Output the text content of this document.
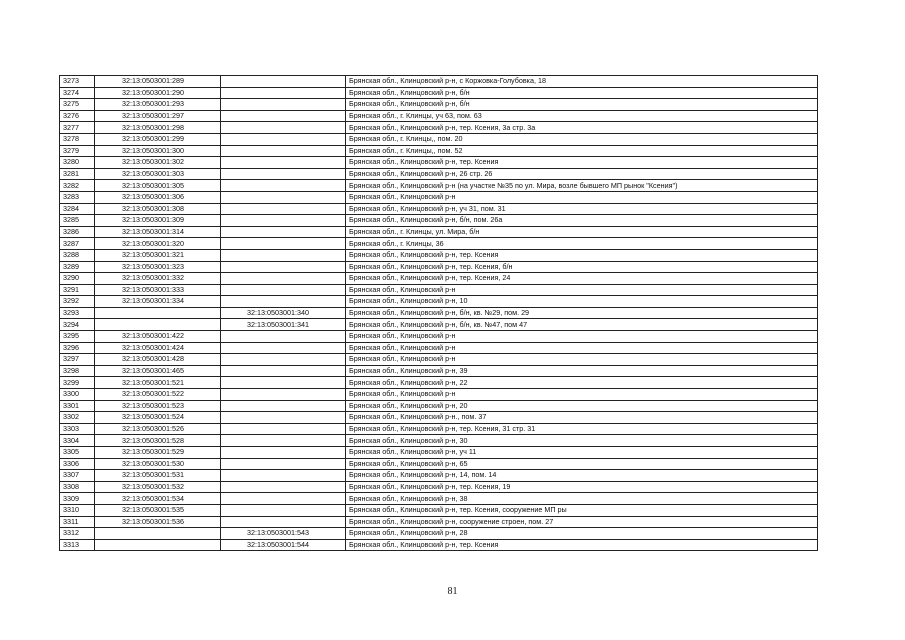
3273	32:13:0503001:289		Брянская обл., Клинцовский р-н, с Коржовка-Голубовка, 18
3274	32:13:0503001:290		Брянская обл., Клинцовский р-н, б/н
3275	32:13:0503001:293		Брянская обл., Клинцовский р-н, б/н
3276	32:13:0503001:297		Брянская обл., г. Клинцы, уч 63, пом. 63
3277	32:13:0503001:298		Брянская обл., Клинцовский р-н, тер. Ксения, 3а стр. 3а
3278	32:13:0503001:299		Брянская обл., г. Клинцы,, пом. 20
3279	32:13:0503001:300		Брянская обл., г. Клинцы,, пом. 52
3280	32:13:0503001:302		Брянская обл., Клинцовский р-н, тер. Ксения
3281	32:13:0503001:303		Брянская обл., Клинцовский р-н, 26 стр. 26
3282	32:13:0503001:305		Брянская обл., Клинцовский р-н (на участке №35 по ул. Мира, возле бывшего МП рынок "Ксения")
3283	32:13:0503001:306		Брянская обл., Клинцовский р-н
3284	32:13:0503001:308		Брянская обл., Клинцовский р-н, уч 31, пом. 31
3285	32:13:0503001:309		Брянская обл., Клинцовский р-н, б/н, пом. 26а
3286	32:13:0503001:314		Брянская обл., г. Клинцы, ул. Мира, б/н
3287	32:13:0503001:320		Брянская обл., г. Клинцы, 36
3288	32:13:0503001:321		Брянская обл., Клинцовский р-н, тер. Ксения
3289	32:13:0503001:323		Брянская обл., Клинцовский р-н, тер. Ксения, б/н
3290	32:13:0503001:332		Брянская обл., Клинцовский р-н, тер. Ксения, 24
3291	32:13:0503001:333		Брянская обл., Клинцовский р-н
3292	32:13:0503001:334		Брянская обл., Клинцовский р-н, 10
3293		32:13:0503001:340	Брянская обл., Клинцовский р-н, б/н, кв. №29, пом. 29
3294		32:13:0503001:341	Брянская обл., Клинцовский р-н, б/н, кв. №47, пом 47
3295	32:13:0503001:422		Брянская обл., Клинцовский р-н
3296	32:13:0503001:424		Брянская обл., Клинцовский р-н
3297	32:13:0503001:428		Брянская обл., Клинцовский р-н
3298	32:13:0503001:465		Брянская обл., Клинцовский р-н, 39
3299	32:13:0503001:521		Брянская обл., Клинцовский р-н, 22
3300	32:13:0503001:522		Брянская обл., Клинцовский р-н
3301	32:13:0503001:523		Брянская обл., Клинцовский р-н, 20
3302	32:13:0503001:524		Брянская обл., Клинцовский р-н., пом. 37
3303	32:13:0503001:526		Брянская обл., Клинцовский р-н, тер. Ксения, 31 стр. 31
3304	32:13:0503001:528		Брянская обл., Клинцовский р-н, 30
3305	32:13:0503001:529		Брянская обл., Клинцовский р-н, уч 11
3306	32:13:0503001:530		Брянская обл., Клинцовский р-н, 65
3307	32:13:0503001:531		Брянская обл., Клинцовский р-н, 14, пом. 14
3308	32:13:0503001:532		Брянская обл., Клинцовский р-н, тер. Ксения, 19
3309	32:13:0503001:534		Брянская обл., Клинцовский р-н, 38
3310	32:13:0503001:535		Брянская обл., Клинцовский р-н, тер. Ксения, сооружение МП ры
3311	32:13:0503001:536		Брянская обл., Клинцовский р-н, сооружение строен, пом. 27
3312		32:13:0503001:543	Брянская обл., Клинцовский р-н, 28
3313		32:13:0503001:544	Брянская обл., Клинцовский р-н, тер. Ксения
81
